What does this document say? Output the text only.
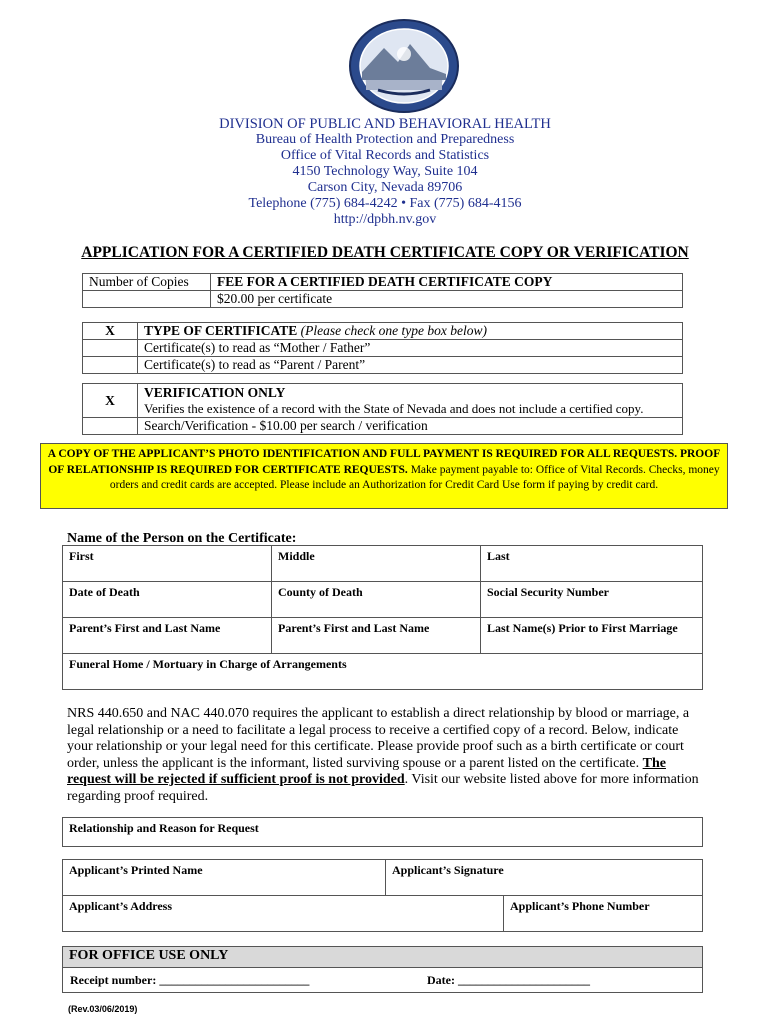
DIVISION OF PUBLIC AND BEHAVIORAL HEALTH
Bureau of Health Protection and Preparedness
Office of Vital Records and Statistics
4150 Technology Way, Suite 104
Carson City, Nevada 89706
Telephone (775) 684-4242 • Fax (775) 684-4156
http://dpbh.nv.gov
APPLICATION FOR A CERTIFIED DEATH CERTIFICATE COPY OR VERIFICATION
Number of Copies	FEE FOR A CERTIFIED DEATH CERTIFICATE COPY
	$20.00 per certificate
X	TYPE OF CERTIFICATE (Please check one type box below)
	Certificate(s) to read as “Mother / Father”
	Certificate(s) to read as “Parent / Parent”
X	VERIFICATION ONLY
Verifies the existence of a record with the State of Nevada and does not include a certified copy.

	Search/Verification - $10.00 per search / verification
A COPY OF THE APPLICANT’S PHOTO IDENTIFICATION AND FULL PAYMENT IS REQUIRED FOR ALL REQUESTS. PROOF OF RELATIONSHIP IS REQUIRED FOR CERTIFICATE REQUESTS. Make payment payable to: Office of Vital Records. Checks, money orders and credit cards are accepted. Please include an Authorization for Credit Card Use form if paying by credit card.
Name of the Person on the Certificate:
First	Middle	Last
Date of Death	County of Death	Social Security Number
Parent’s First and Last Name	Parent’s First and Last Name	Last Name(s) Prior to First Marriage
Funeral Home / Mortuary in Charge of Arrangements
NRS 440.650 and NAC 440.070 requires the applicant to establish a direct relationship by blood or marriage, a legal relationship or a need to facilitate a legal process to receive a certified copy of a record. Below, indicate your relationship or your legal need for this certificate. Please provide proof such as a birth certificate or court order, unless the applicant is the informant, listed surviving spouse or a parent listed on the certificate. The request will be rejected if sufficient proof is not provided. Visit our website listed above for more information regarding proof required.
Relationship and Reason for Request
Applicant’s Printed Name	Applicant’s Signature
Applicant’s Address	Applicant’s Phone Number
FOR OFFICE USE ONLY
Receipt number: _________________________	Date: ______________________
(Rev.03/06/2019)
